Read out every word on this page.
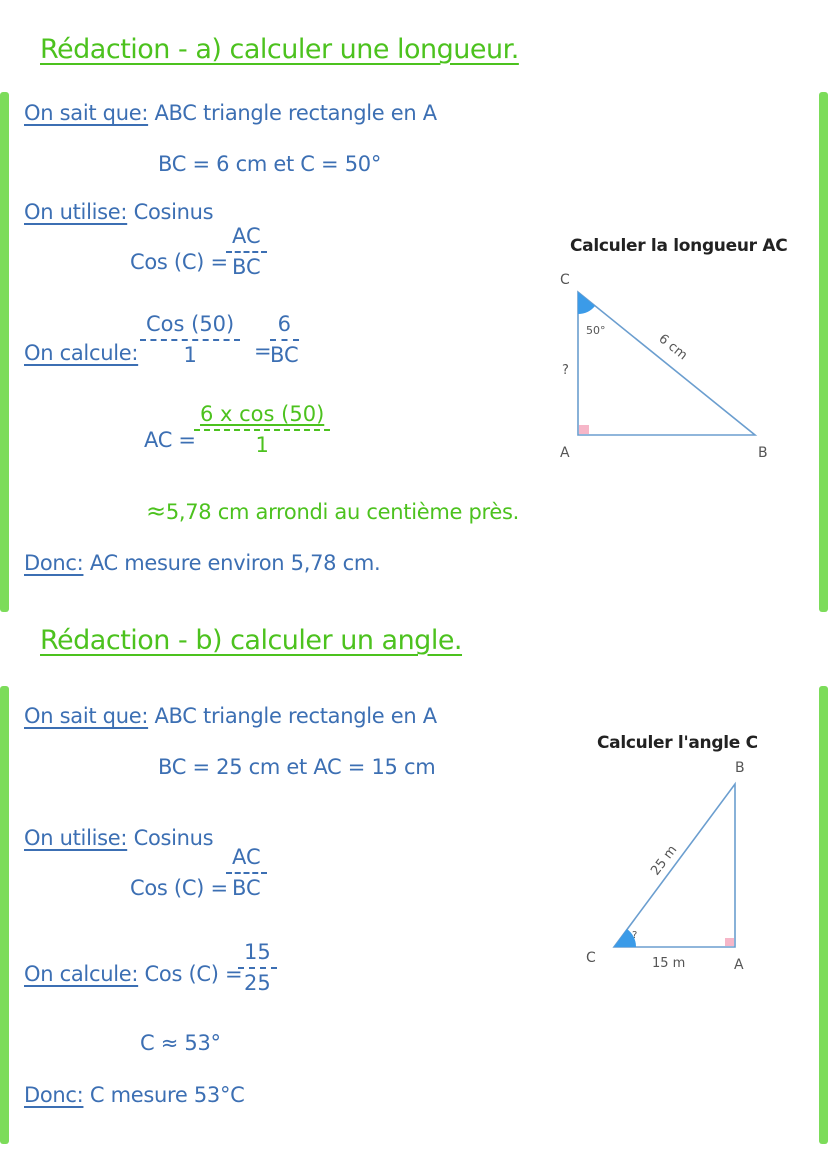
Rédaction - a) calculer une longueur.
On sait que: ABC triangle rectangle en A
BC = 6 cm et C = 50°
On utilise: Cosinus
Cos (C) =
AC
BC
On calcule:
Cos (50)
1	=
6
BC
AC =
$\frac{\text{6 x cos (50)}}{1}$
≈5,78 cm arrondi au centième près.
Donc: AC mesure environ 5,78 cm.
Calculer la longueur AC
C
A	B
50°
?
6 cm
Rédaction - b) calculer un angle.
On sait que: ABC triangle rectangle en A
BC = 25 cm et AC = 15 cm
On utilise: Cosinus
Cos (C) =
AC
BC
On calcule: Cos (C) =
15
25
C ≈ 53°
Donc: C mesure 53°C
Calculer l'angle C
B
C	A
?
15 m
25 m
